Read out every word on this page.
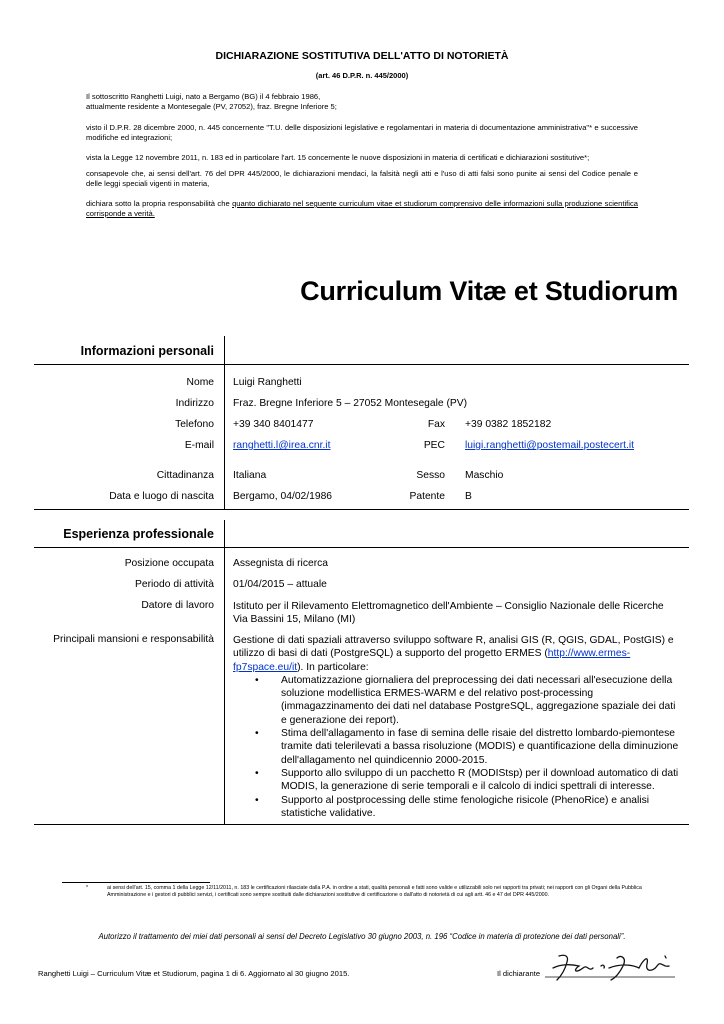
DICHIARAZIONE SOSTITUTIVA DELL'ATTO DI NOTORIETÀ
(art. 46 D.P.R. n. 445/2000)
Il sottoscritto Ranghetti Luigi, nato a Bergamo (BG) il 4 febbraio 1986,
attualmente residente a Montesegale (PV, 27052), fraz. Bregne Inferiore 5;
visto il D.P.R. 28 dicembre 2000, n. 445 concernente "T.U. delle disposizioni legislative e regolamentari in materia di documentazione amministrativa"* e successive modifiche ed integrazioni;
vista la Legge 12 novembre 2011, n. 183 ed in particolare l'art. 15 concernente le nuove disposizioni in materia di certificati e dichiarazioni sostitutive*;
consapevole che, ai sensi dell'art. 76 del DPR 445/2000, le dichiarazioni mendaci, la falsità negli atti e l'uso di atti falsi sono punite ai sensi del Codice penale e delle leggi speciali vigenti in materia,
dichiara sotto la propria responsabilità che quanto dichiarato nel seguente curriculum vitae et studiorum comprensivo delle informazioni sulla produzione scientifica corrisponde a verità.
Curriculum Vitæ et Studiorum
Informazioni personali
Nome Luigi Ranghetti
Indirizzo Fraz. Bregne Inferiore 5 – 27052 Montesegale (PV)
Telefono +39 340 8401477	Fax +39 0382 1852182
E-mail ranghetti.l@irea.cnr.it	PEC luigi.ranghetti@postemail.postecert.it
Cittadinanza Italiana	Sesso Maschio
Data e luogo di nascita Bergamo, 04/02/1986	Patente B
Esperienza professionale
Posizione occupata Assegnista di ricerca
Periodo di attività 01/04/2015 – attuale
Datore di lavoro Istituto per il Rilevamento Elettromagnetico dell'Ambiente – Consiglio Nazionale delle Ricerche
Via Bassini 15, Milano (MI)
Principali mansioni e responsabilità Gestione di dati spaziali attraverso sviluppo software R, analisi GIS (R, QGIS, GDAL, PostGIS) e utilizzo di basi di dati (PostgreSQL) a supporto del progetto ERMES (http://www.ermes-fp7space.eu/it). In particolare:
• Automatizzazione giornaliera del preprocessing dei dati necessari all'esecuzione della soluzione modellistica ERMES-WARM e del relativo post-processing (immagazzinamento dei dati nel database PostgreSQL, aggregazione spaziale dei dati e generazione dei report).
• Stima dell'allagamento in fase di semina delle risaie del distretto lombardo-piemontese tramite dati telerilevati a bassa risoluzione (MODIS) e quantificazione della diminuzione dell'allagamento nel quindicennio 2000-2015.
• Supporto allo sviluppo di un pacchetto R (MODIStsp) per il download automatico di dati MODIS, la generazione di serie temporali e il calcolo di indici spettrali di interesse.
• Supporto al postprocessing delle stime fenologiche risicole (PhenoRice) e analisi statistiche validative.
*	ai sensi dell'art. 15, comma 1 della Legge 12/11/2011, n. 183 le certificazioni rilasciate dalla P.A. in ordine a stati, qualità personali e fatti sono valide e utilizzabili solo nei rapporti tra privati; nei rapporti con gli Organi della Pubblica Amministrazione e i gestori di pubblici servizi, i certificati sono sempre sostituiti dalle dichiarazioni sostitutive di certificazione o dall'atto di notorietà di cui agli artt. 46 e 47 del DPR 445/2000.
Autorizzo il trattamento dei miei dati personali ai sensi del Decreto Legislativo 30 giugno 2003, n. 196 “Codice in materia di protezione dei dati personali”.
Ranghetti Luigi – Curriculum Vitæ et Studiorum, pagina 1 di 6. Aggiornato al 30 giugno 2015.	Il dichiarante
